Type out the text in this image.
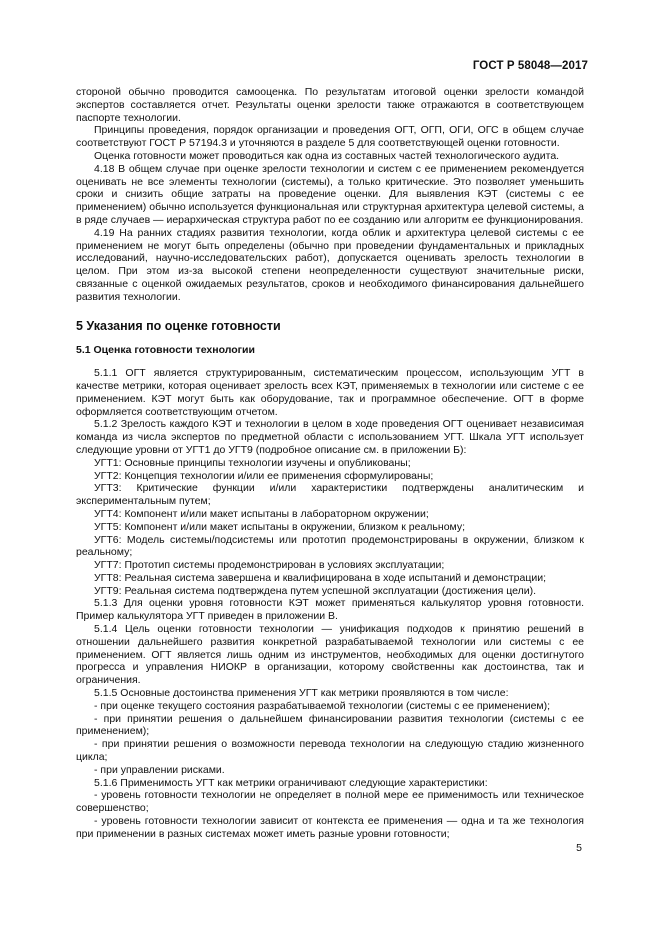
ГОСТ Р 58048—2017

стороной обычно проводится самооценка. По результатам итоговой оценки зрелости командой экспертов составляется отчет. Результаты оценки зрелости также отражаются в соответствующем паспорте технологии.

Принципы проведения, порядок организации и проведения ОГТ, ОГП, ОГИ, ОГС в общем случае соответствуют ГОСТ Р 57194.3 и уточняются в разделе 5 для соответствующей оценки готовности.

Оценка готовности может проводиться как одна из составных частей технологического аудита.

4.18 В общем случае при оценке зрелости технологии и систем с ее применением рекомендуется оценивать не все элементы технологии (системы), а только критические. Это позволяет уменьшить сроки и снизить общие затраты на проведение оценки. Для выявления КЭТ (системы с ее применением) обычно используется функциональная или структурная архитектура целевой системы, а в ряде случаев — иерархическая структура работ по ее созданию или алгоритм ее функционирования.

4.19 На ранних стадиях развития технологии, когда облик и архитектура целевой системы с ее применением не могут быть определены (обычно при проведении фундаментальных и прикладных исследований, научно-исследовательских работ), допускается оценивать зрелость технологии в целом. При этом из-за высокой степени неопределенности существуют значительные риски, связанные с оценкой ожидаемых результатов, сроков и необходимого финансирования дальнейшего развития технологии.

5 Указания по оценке готовности

5.1 Оценка готовности технологии

5.1.1 ОГТ является структурированным, систематическим процессом, использующим УГТ в качестве метрики, которая оценивает зрелость всех КЭТ, применяемых в технологии или системе с ее применением. КЭТ могут быть как оборудование, так и программное обеспечение. ОГТ в форме оформляется соответствующим отчетом.

5.1.2 Зрелость каждого КЭТ и технологии в целом в ходе проведения ОГТ оценивает независимая команда из числа экспертов по предметной области с использованием УГТ. Шкала УГТ использует следующие уровни от УГТ1 до УГТ9 (подробное описание см. в приложении Б):

УГТ1: Основные принципы технологии изучены и опубликованы;

УГТ2: Концепция технологии и/или ее применения сформулированы;

УГТ3: Критические функции и/или характеристики подтверждены аналитическим и экспериментальным путем;

УГТ4: Компонент и/или макет испытаны в лабораторном окружении;

УГТ5: Компонент и/или макет испытаны в окружении, близком к реальному;

УГТ6: Модель системы/подсистемы или прототип продемонстрированы в окружении, близком к реальному;

УГТ7: Прототип системы продемонстрирован в условиях эксплуатации;

УГТ8: Реальная система завершена и квалифицирована в ходе испытаний и демонстрации;

УГТ9: Реальная система подтверждена путем успешной эксплуатации (достижения цели).

5.1.3 Для оценки уровня готовности КЭТ может применяться калькулятор уровня готовности. Пример калькулятора УГТ приведен в приложении В.

5.1.4 Цель оценки готовности технологии — унификация подходов к принятию решений в отношении дальнейшего развития конкретной разрабатываемой технологии или системы с ее применением. ОГТ является лишь одним из инструментов, необходимых для оценки достигнутого прогресса и управления НИОКР в организации, которому свойственны как достоинства, так и ограничения.

5.1.5 Основные достоинства применения УГТ как метрики проявляются в том числе:

- при оценке текущего состояния разрабатываемой технологии (системы с ее применением);

- при принятии решения о дальнейшем финансировании развития технологии (системы с ее применением);

- при принятии решения о возможности перевода технологии на следующую стадию жизненного цикла;

- при управлении рисками.

5.1.6 Применимость УГТ как метрики ограничивают следующие характеристики:

- уровень готовности технологии не определяет в полной мере ее применимость или техническое совершенство;

- уровень готовности технологии зависит от контекста ее применения — одна и та же технология при применении в разных системах может иметь разные уровни готовности;

5
